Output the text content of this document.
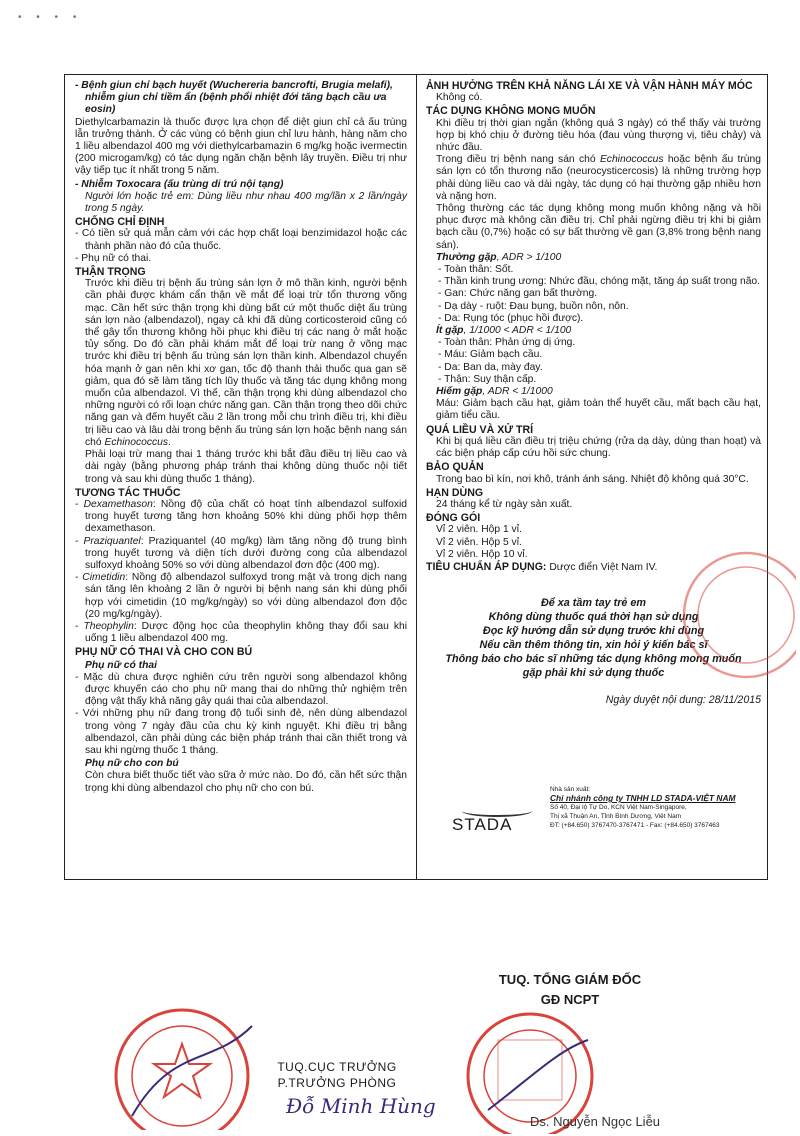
• • • •
- Bệnh giun chỉ bạch huyết (Wuchereria bancrofti, Brugia melafi), nhiễm giun chỉ tiềm ẩn (bệnh phổi nhiệt đới tăng bạch cầu ưa eosin)
Diethylcarbamazin là thuốc được lựa chọn để diệt giun chỉ cả ấu trùng lẫn trưởng thành. Ở các vùng có bệnh giun chỉ lưu hành, hàng năm cho 1 liều albendazol 400 mg với diethylcarbamazin 6 mg/kg hoặc ivermectin (200 microgam/kg) có tác dụng ngăn chặn bệnh lây truyền. Điều trị như vậy tiếp tục ít nhất trong 5 năm.
- Nhiễm Toxocara (ấu trùng di trú nội tạng)
Người lớn hoặc trẻ em: Dùng liều như nhau 400 mg/lần x 2 lần/ngày trong 5 ngày.
CHỐNG CHỈ ĐỊNH
- Có tiền sử quá mẫn cảm với các hợp chất loại benzimidazol hoặc các thành phần nào đó của thuốc.
- Phụ nữ có thai.
THẬN TRỌNG
Trước khi điều trị bệnh ấu trùng sán lợn ở mô thần kinh, người bệnh cần phải được khám cẩn thận về mắt để loại trừ tổn thương võng mạc. Cần hết sức thận trọng khi dùng bất cứ một thuốc diệt ấu trùng sán lợn nào (albendazol), ngay cả khi đã dùng corticosteroid cũng có thể gây tổn thương không hồi phục khi điều trị các nang ở mắt hoặc tủy sống. Do đó cần phải khám mắt để loại trừ nang ở võng mạc trước khi điều trị bệnh ấu trùng sán lợn thần kinh. Albendazol chuyển hóa mạnh ở gan nên khi xơ gan, tốc độ thanh thải thuốc qua gan sẽ giảm, qua đó sẽ làm tăng tích lũy thuốc và tăng tác dụng không mong muốn của albendazol. Vì thế, cần thận trọng khi dùng albendazol cho những người có rối loạn chức năng gan. Cần thận trọng theo dõi chức năng gan và đếm huyết cầu 2 lần trong mỗi chu trình điều trị, khi điều trị liều cao và lâu dài trong bệnh ấu trùng sán lợn hoặc bệnh nang sán chó Echinococcus.
Phải loại trừ mang thai 1 tháng trước khi bắt đầu điều trị liều cao và dài ngày (bằng phương pháp tránh thai không dùng thuốc nội tiết trong và sau khi dùng thuốc 1 tháng).
TƯƠNG TÁC THUỐC
- Dexamethason: Nồng độ của chất có hoạt tính albendazol sulfoxid trong huyết tương tăng hơn khoảng 50% khi dùng phối hợp thêm dexamethason.
- Praziquantel: Praziquantel (40 mg/kg) làm tăng nồng độ trung bình trong huyết tương và diện tích dưới đường cong của albendazol sulfoxyd khoảng 50% so với dùng albendazol đơn độc (400 mg).
- Cimetidin: Nồng độ albendazol sulfoxyd trong mật và trong dịch nang sán tăng lên khoảng 2 lần ở người bị bệnh nang sán khi dùng phối hợp với cimetidin (10 mg/kg/ngày) so với dùng albendazol đơn độc (20 mg/kg/ngày).
- Theophylin: Dược động học của theophylin không thay đổi sau khi uống 1 liều albendazol 400 mg.
PHỤ NỮ CÓ THAI VÀ CHO CON BÚ
Phụ nữ có thai
- Mặc dù chưa được nghiên cứu trên người song albendazol không được khuyến cáo cho phụ nữ mang thai do những thử nghiệm trên động vật thấy khả năng gây quái thai của albendazol.
- Với những phụ nữ đang trong độ tuổi sinh đẻ, nên dùng albendazol trong vòng 7 ngày đầu của chu kỳ kinh nguyệt. Khi điều trị bằng albendazol, cần phải dùng các biện pháp tránh thai cần thiết trong và sau khi ngừng thuốc 1 tháng.
Phụ nữ cho con bú
Còn chưa biết thuốc tiết vào sữa ở mức nào. Do đó, cần hết sức thận trọng khi dùng albendazol cho phụ nữ cho con bú.
ẢNH HƯỞNG TRÊN KHẢ NĂNG LÁI XE VÀ VẬN HÀNH MÁY MÓC
Không có.
TÁC DỤNG KHÔNG MONG MUỐN
Khi điều trị thời gian ngắn (không quá 3 ngày) có thể thấy vài trường hợp bị khó chịu ở đường tiêu hóa (đau vùng thượng vị, tiêu chảy) và nhức đầu.
Trong điều trị bệnh nang sán chó Echinococcus hoặc bệnh ấu trùng sán lợn có tổn thương não (neurocysticercosis) là những trường hợp phải dùng liều cao và dài ngày, tác dụng có hại thường gặp nhiều hơn và nặng hơn.
Thông thường các tác dụng không mong muốn không nặng và hồi phục được mà không cần điều trị. Chỉ phải ngừng điều trị khi bị giảm bạch cầu (0,7%) hoặc có sự bất thường về gan (3,8% trong bệnh nang sán).
Thường gặp, ADR > 1/100
- Toàn thân: Sốt.
- Thần kinh trung ương: Nhức đầu, chóng mặt, tăng áp suất trong não.
- Gan: Chức năng gan bất thường.
- Dạ dày - ruột: Đau bụng, buồn nôn, nôn.
- Da: Rụng tóc (phục hồi được).
Ít gặp, 1/1000 < ADR < 1/100
- Toàn thân: Phản ứng dị ứng.
- Máu: Giảm bạch cầu.
- Da: Ban da, mày đay.
- Thận: Suy thận cấp.
Hiếm gặp, ADR < 1/1000
Máu: Giảm bạch cầu hạt, giảm toàn thể huyết cầu, mất bạch cầu hạt, giảm tiểu cầu.
QUÁ LIỀU VÀ XỬ TRÍ
Khi bị quá liều cần điều trị triệu chứng (rửa dạ dày, dùng than hoạt) và các biện pháp cấp cứu hồi sức chung.
BẢO QUẢN
Trong bao bì kín, nơi khô, tránh ánh sáng. Nhiệt độ không quá 30°C.
HẠN DÙNG
24 tháng kể từ ngày sản xuất.
ĐÓNG GÓI
Vỉ 2 viên. Hộp 1 vỉ.
Vỉ 2 viên. Hộp 5 vỉ.
Vỉ 2 viên. Hộp 10 vỉ.
TIÊU CHUẨN ÁP DỤNG: Dược điển Việt Nam IV.
Để xa tầm tay trẻ em
Không dùng thuốc quá thời hạn sử dụng
Đọc kỹ hướng dẫn sử dụng trước khi dùng
Nếu cần thêm thông tin, xin hỏi ý kiến bác sĩ
Thông báo cho bác sĩ những tác dụng không mong muốn
gặp phải khi sử dụng thuốc
Ngày duyệt nội dung: 28/11/2015
STADA
Nhà sản xuất:
Chi nhánh công ty TNHH LD STADA-VIỆT NAM
Số 40, Đại lộ Tự Do, KCN Việt Nam-Singapore,
Thị xã Thuận An, Tỉnh Bình Dương, Việt Nam
ĐT: (+84.650) 3767470-3767471 - Fax: (+84.650) 3767463
TUQ. TỔNG GIÁM ĐỐC
GĐ NCPT
TUQ.CỤC TRƯỞNG
P.TRƯỞNG PHÒNG
Đỗ Minh Hùng
Ds. Nguyễn Ngọc Liễu
